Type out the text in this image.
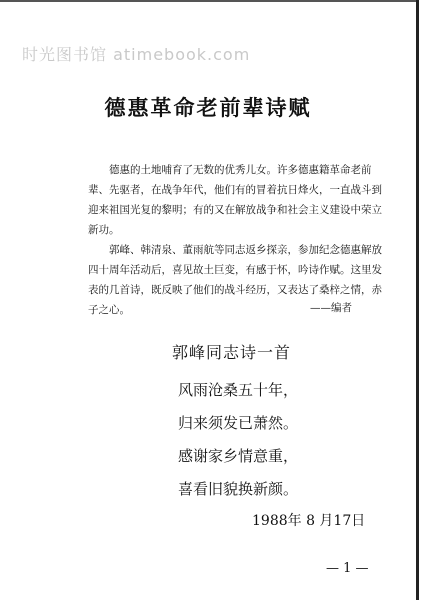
时光图书馆 atimebook.com
德惠革命老前辈诗赋

　　德惠的土地哺育了无数的优秀儿女。许多德惠籍革命老前辈、先驱者，在战争年代，他们有的冒着抗日烽火，一直战斗到迎来祖国光复的黎明；有的又在解放战争和社会主义建设中荣立新功。

　　郭峰、韩清泉、董雨航等同志返乡探亲，参加纪念德惠解放四十周年活动后，喜见故土巨变，有感于怀，吟诗作赋。这里发表的几首诗，既反映了他们的战斗经历，又表达了桑梓之情，赤子之心。	——编者
郭峰同志诗一首
风雨沧桑五十年，
归来须发已萧然。
感谢家乡情意重，
喜看旧貌换新颜。
1988年 8 月17日
— 1 —
